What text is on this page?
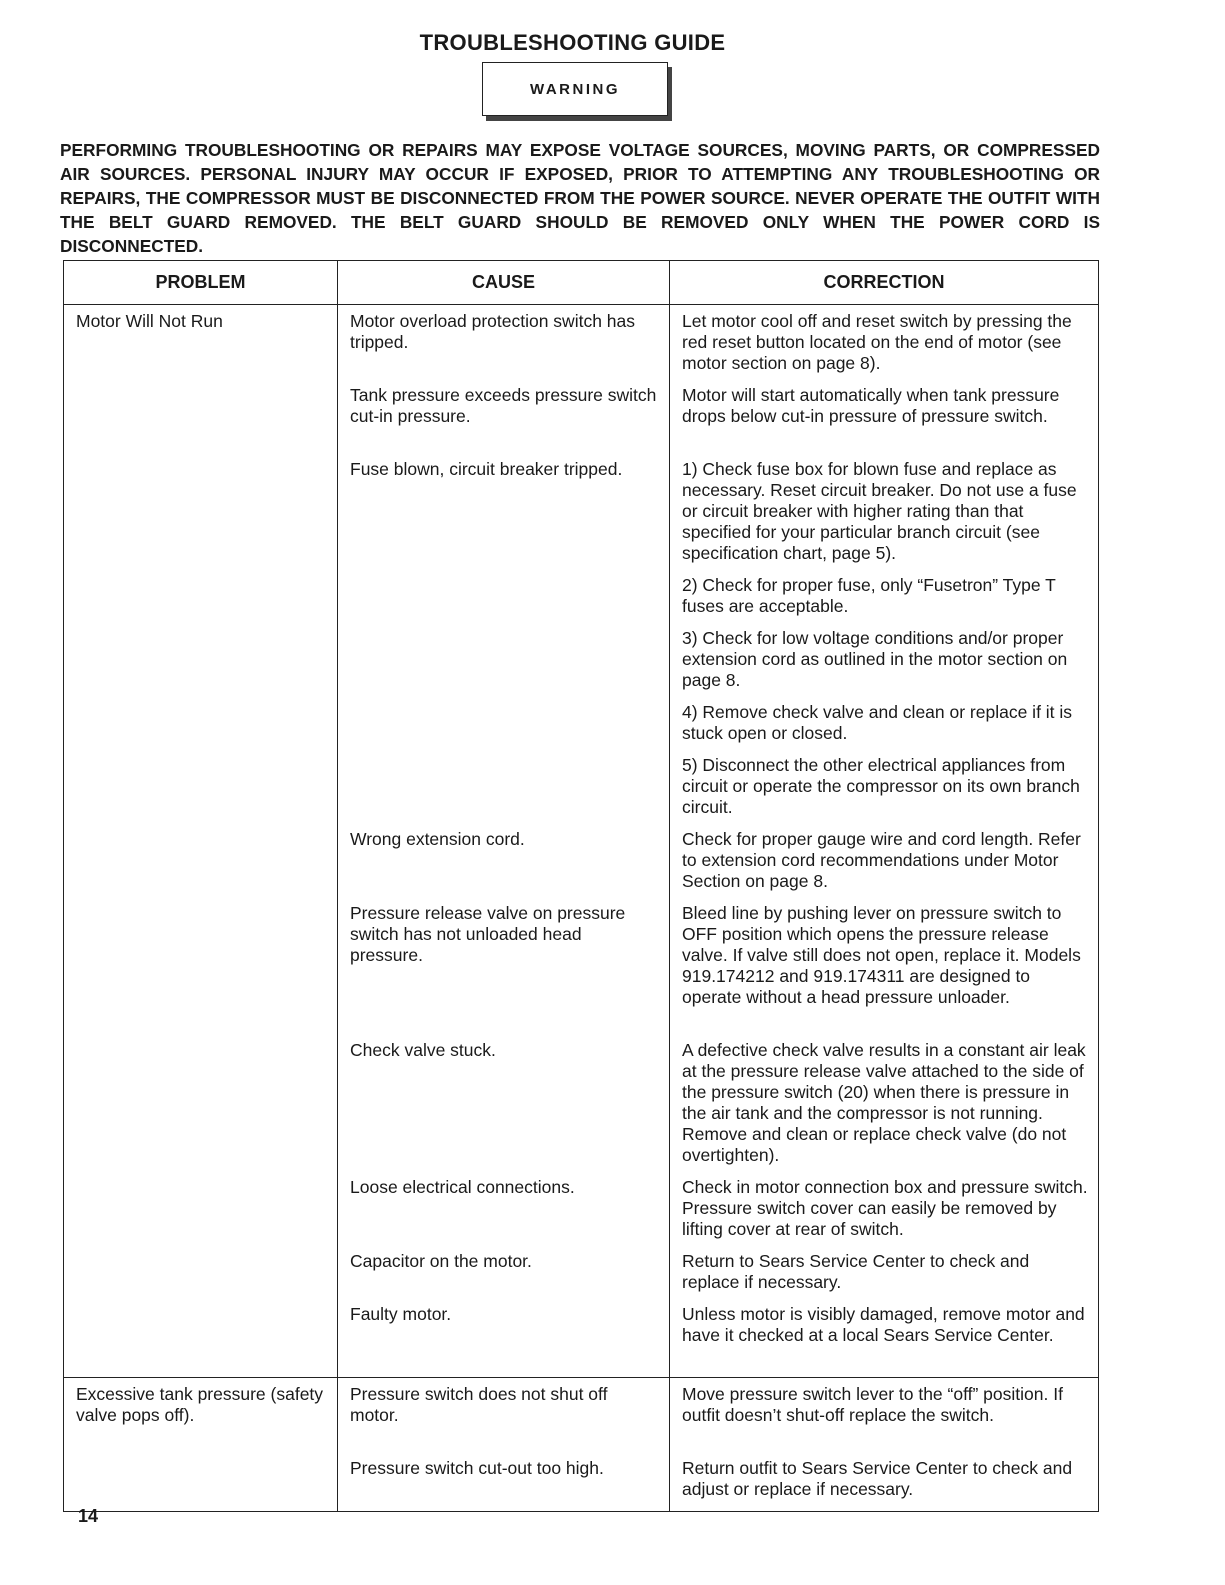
TROUBLESHOOTING GUIDE
WARNING
PERFORMING TROUBLESHOOTING OR REPAIRS MAY EXPOSE VOLTAGE SOURCES, MOVING PARTS, OR COMPRESSED AIR SOURCES. PERSONAL INJURY MAY OCCUR IF EXPOSED, PRIOR TO ATTEMPTING ANY TROUBLESHOOTING OR REPAIRS, THE COMPRESSOR MUST BE DISCONNECTED FROM THE POWER SOURCE. NEVER OPERATE THE OUTFIT WITH THE BELT GUARD REMOVED. THE BELT GUARD SHOULD BE REMOVED ONLY WHEN THE POWER CORD IS DISCONNECTED.
PROBLEM	CAUSE	CORRECTION
Motor Will Not Run	Motor overload protection switch has tripped.	Let motor cool off and reset switch by pressing the red reset button located on the end of motor (see motor section on page 8).
	Tank pressure exceeds pressure switch cut-in pressure.	Motor will start automatically when tank pressure drops below cut-in pressure of pressure switch.
	Fuse blown, circuit breaker tripped.	1) Check fuse box for blown fuse and replace as necessary. Reset circuit breaker. Do not use a fuse or circuit breaker with higher rating than that specified for your particular branch circuit (see specification chart, page 5).
		2) Check for proper fuse, only “Fusetron” Type T fuses are acceptable.
		3) Check for low voltage conditions and/or proper extension cord as outlined in the motor section on page 8.
		4) Remove check valve and clean or replace if it is stuck open or closed.
		5) Disconnect the other electrical appliances from circuit or operate the compressor on its own branch circuit.
	Wrong extension cord.	Check for proper gauge wire and cord length. Refer to extension cord recommendations under Motor Section on page 8.
	Pressure release valve on pressure switch has not unloaded head pressure.	Bleed line by pushing lever on pressure switch to OFF position which opens the pressure release valve. If valve still does not open, replace it. Models 919.174212 and 919.174311 are designed to operate without a head pressure unloader.
	Check valve stuck.	A defective check valve results in a constant air leak at the pressure release valve attached to the side of the pressure switch (20) when there is pressure in the air tank and the compressor is not running. Remove and clean or replace check valve (do not overtighten).
	Loose electrical connections.	Check in motor connection box and pressure switch. Pressure switch cover can easily be removed by lifting cover at rear of switch.
	Capacitor on the motor.	Return to Sears Service Center to check and replace if necessary.
	Faulty motor.	Unless motor is visibly damaged, remove motor and have it checked at a local Sears Service Center.
Excessive tank pressure (safety valve pops off).	Pressure switch does not shut off motor.	Move pressure switch lever to the “off” position. If outfit doesn’t shut-off replace the switch.
	Pressure switch cut-out too high.	Return outfit to Sears Service Center to check and adjust or replace if necessary.
14
